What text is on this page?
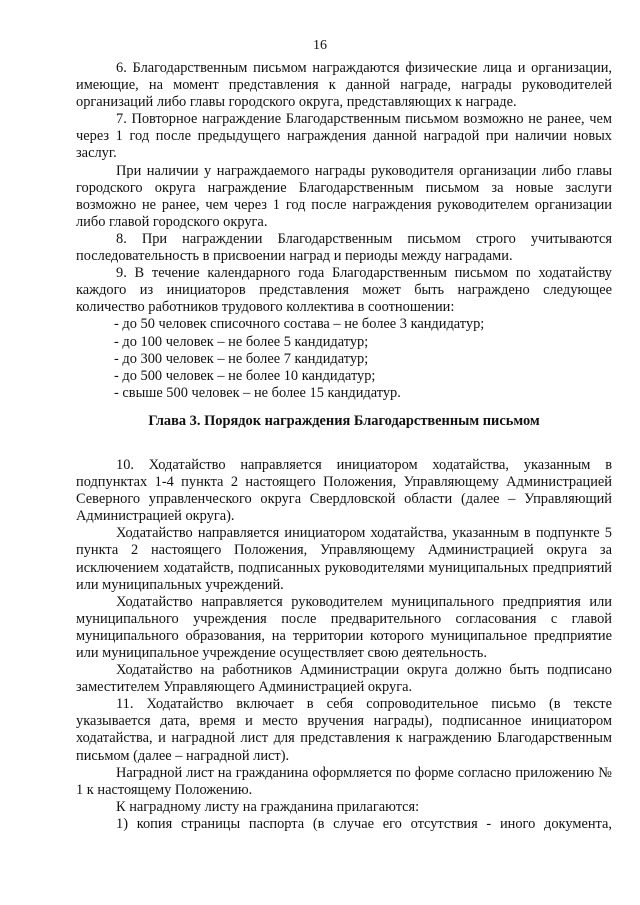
16

6. Благодарственным письмом награждаются физические лица и организации, имеющие, на момент представления к данной награде, награды руководителей организаций либо главы городского округа, представляющих к награде.

7. Повторное награждение Благодарственным письмом возможно не ранее, чем через 1 год после предыдущего награждения данной наградой при наличии новых заслуг.

При наличии у награждаемого награды руководителя организации либо главы городского округа награждение Благодарственным письмом за новые заслуги возможно не ранее, чем через 1 год после награждения руководителем организации либо главой городского округа.

8. При награждении Благодарственным письмом строго учитываются последовательность в присвоении наград и периоды между наградами.

9. В течение календарного года Благодарственным письмом по ходатайству каждого из инициаторов представления может быть награждено следующее количество работников трудового коллектива в соотношении:

- до 50 человек списочного состава – не более 3 кандидатур;

- до 100 человек – не более 5 кандидатур;

- до 300 человек – не более 7 кандидатур;

- до 500 человек – не более 10 кандидатур;

- свыше 500 человек – не более 15 кандидатур.

Глава 3. Порядок награждения Благодарственным письмом

10. Ходатайство направляется инициатором ходатайства, указанным в подпунктах 1-4 пункта 2 настоящего Положения, Управляющему Администрацией Северного управленческого округа Свердловской области (далее – Управляющий Администрацией округа).

Ходатайство направляется инициатором ходатайства, указанным в подпункте 5 пункта 2 настоящего Положения, Управляющему Администрацией округа за исключением ходатайств, подписанных руководителями муниципальных предприятий или муниципальных учреждений.

Ходатайство направляется руководителем муниципального предприятия или муниципального учреждения после предварительного согласования с главой муниципального образования, на территории которого муниципальное предприятие или муниципальное учреждение осуществляет свою деятельность.

Ходатайство на работников Администрации округа должно быть подписано заместителем Управляющего Администрацией округа.

11. Ходатайство включает в себя сопроводительное письмо (в тексте указывается дата, время и место вручения награды), подписанное инициатором ходатайства, и наградной лист для представления к награждению Благодарственным письмом (далее – наградной лист).

Наградной лист на гражданина оформляется по форме согласно приложению № 1 к настоящему Положению.

К наградному листу на гражданина прилагаются:

1) копия страницы паспорта (в случае его отсутствия - иного документа,
